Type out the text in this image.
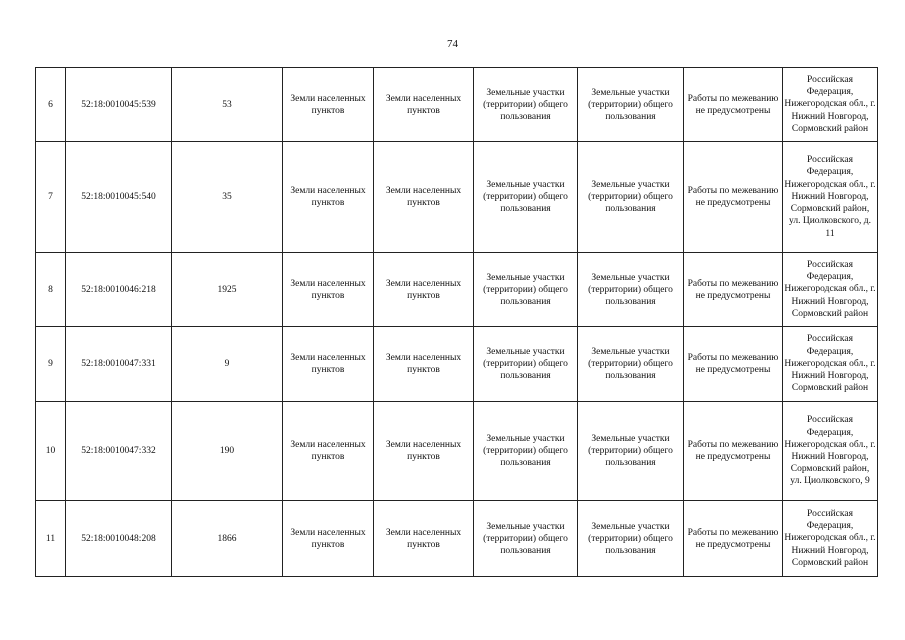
74
6	52:18:0010045:539	53	Земли населенных пунктов	Земли населенных пунктов	Земельные участки (территории) общего пользования	Земельные участки (территории) общего пользования	Работы по межеванию не предусмотрены	Российская Федерация, Нижегородская обл., г. Нижний Новгород, Сормовский район
7	52:18:0010045:540	35	Земли населенных пунктов	Земли населенных пунктов	Земельные участки (территории) общего пользования	Земельные участки (территории) общего пользования	Работы по межеванию не предусмотрены	Российская Федерация, Нижегородская обл., г. Нижний Новгород, Сормовский район, ул. Циолковского, д. 11
8	52:18:0010046:218	1925	Земли населенных пунктов	Земли населенных пунктов	Земельные участки (территории) общего пользования	Земельные участки (территории) общего пользования	Работы по межеванию не предусмотрены	Российская Федерация, Нижегородская обл., г. Нижний Новгород, Сормовский район
9	52:18:0010047:331	9	Земли населенных пунктов	Земли населенных пунктов	Земельные участки (территории) общего пользования	Земельные участки (территории) общего пользования	Работы по межеванию не предусмотрены	Российская Федерация, Нижегородская обл., г. Нижний Новгород, Сормовский район
10	52:18:0010047:332	190	Земли населенных пунктов	Земли населенных пунктов	Земельные участки (территории) общего пользования	Земельные участки (территории) общего пользования	Работы по межеванию не предусмотрены	Российская Федерация, Нижегородская обл., г. Нижний Новгород, Сормовский район, ул. Циолковского, 9
11	52:18:0010048:208	1866	Земли населенных пунктов	Земли населенных пунктов	Земельные участки (территории) общего пользования	Земельные участки (территории) общего пользования	Работы по межеванию не предусмотрены	Российская Федерация, Нижегородская обл., г. Нижний Новгород, Сормовский район
